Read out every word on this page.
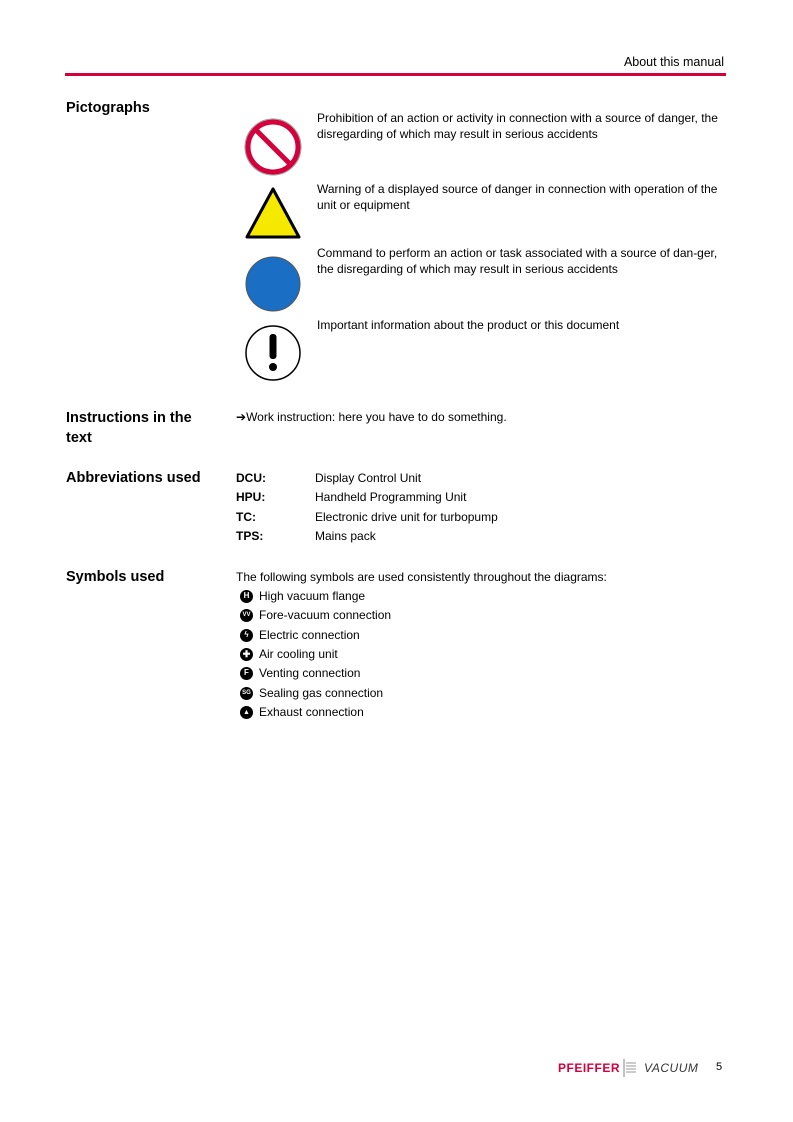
About this manual
Pictographs
Prohibition of an action or activity in connection with a source of danger, the disregarding of which may result in serious accidents
Warning of a displayed source of danger in connection with operation of the unit or equipment
Command to perform an action or task associated with a source of dan-ger, the disregarding of which may result in serious accidents
Important information about the product or this document
Instructions in the
text
➔Work instruction: here you have to do something.
Abbreviations used	DCU:	Display Control Unit
HPU:	Handheld Programming Unit
TC:	Electronic drive unit for turbopump
TPS:	Mains pack
Symbols used	The following symbols are used consistently throughout the diagrams:
H High vacuum flange
VV Fore-vacuum connection
ϟ Electric connection
✚ Air cooling unit
F Venting connection
SG Sealing gas connection
▲ Exhaust connection
PFEIFFER VACUUM 5
